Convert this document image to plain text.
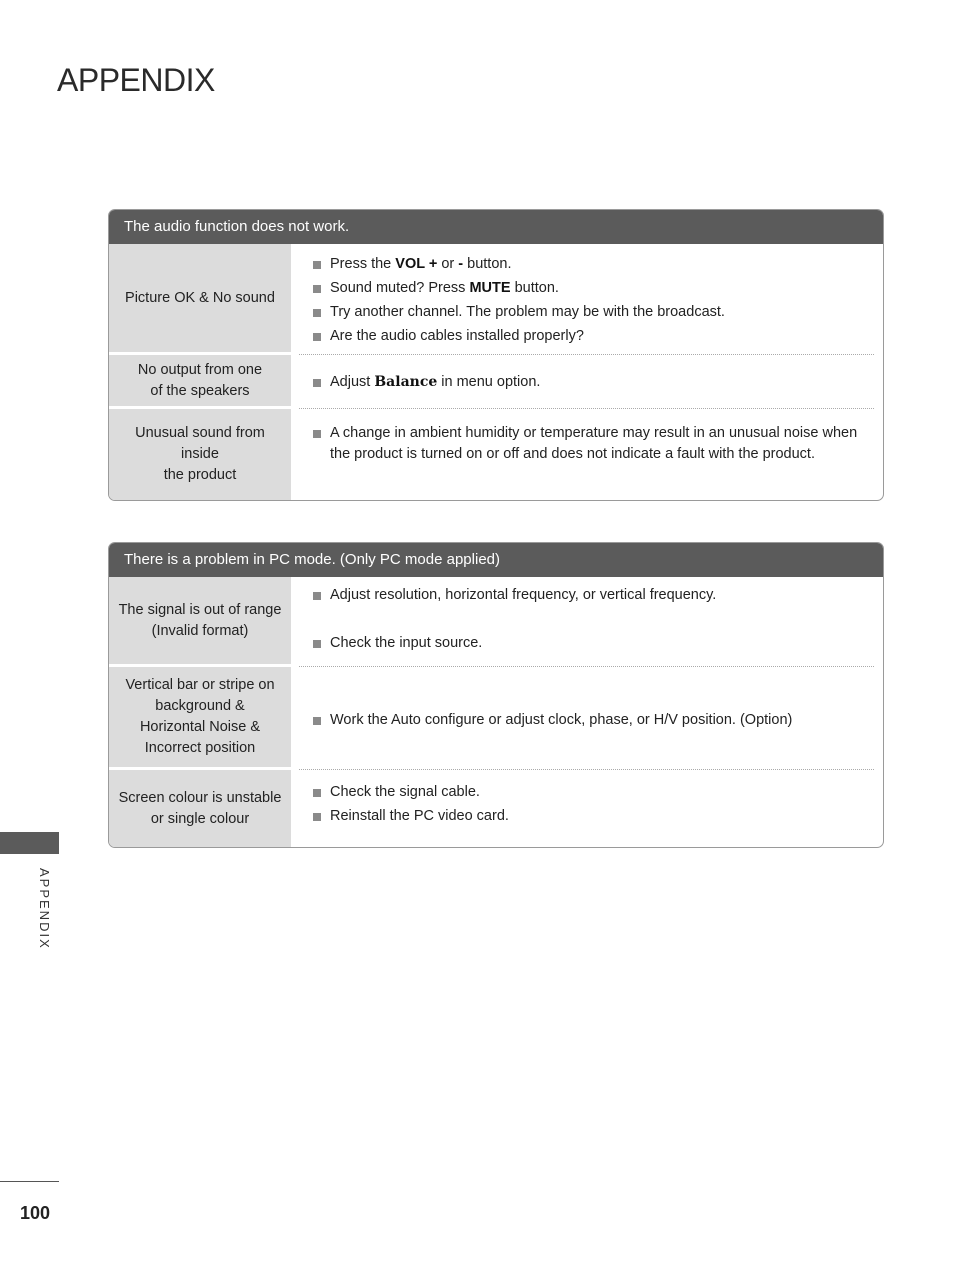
APPENDIX
The audio function does not work.
Picture OK & No sound
Press the VOL + or - button.
Sound muted? Press MUTE button.
Try another channel. The problem may be with the broadcast.
Are the audio cables installed properly?
No output from one
of the speakers
Adjust Balance in menu option.
Unusual sound from
inside
the product
A change in ambient humidity or temperature may result in an unusual noise when the product is turned on or off and does not indicate a fault with the product.
There is a problem in PC mode. (Only PC mode applied)
The signal is out of range
(Invalid format)
Adjust resolution, horizontal frequency, or vertical frequency.
Check the input source.
Vertical bar or stripe on
background &
Horizontal Noise &
Incorrect position
Work the Auto configure or adjust clock, phase, or H/V position. (Option)
Screen colour is unstable
or single colour
Check the signal cable.
Reinstall the PC video card.
APPENDIX
100
